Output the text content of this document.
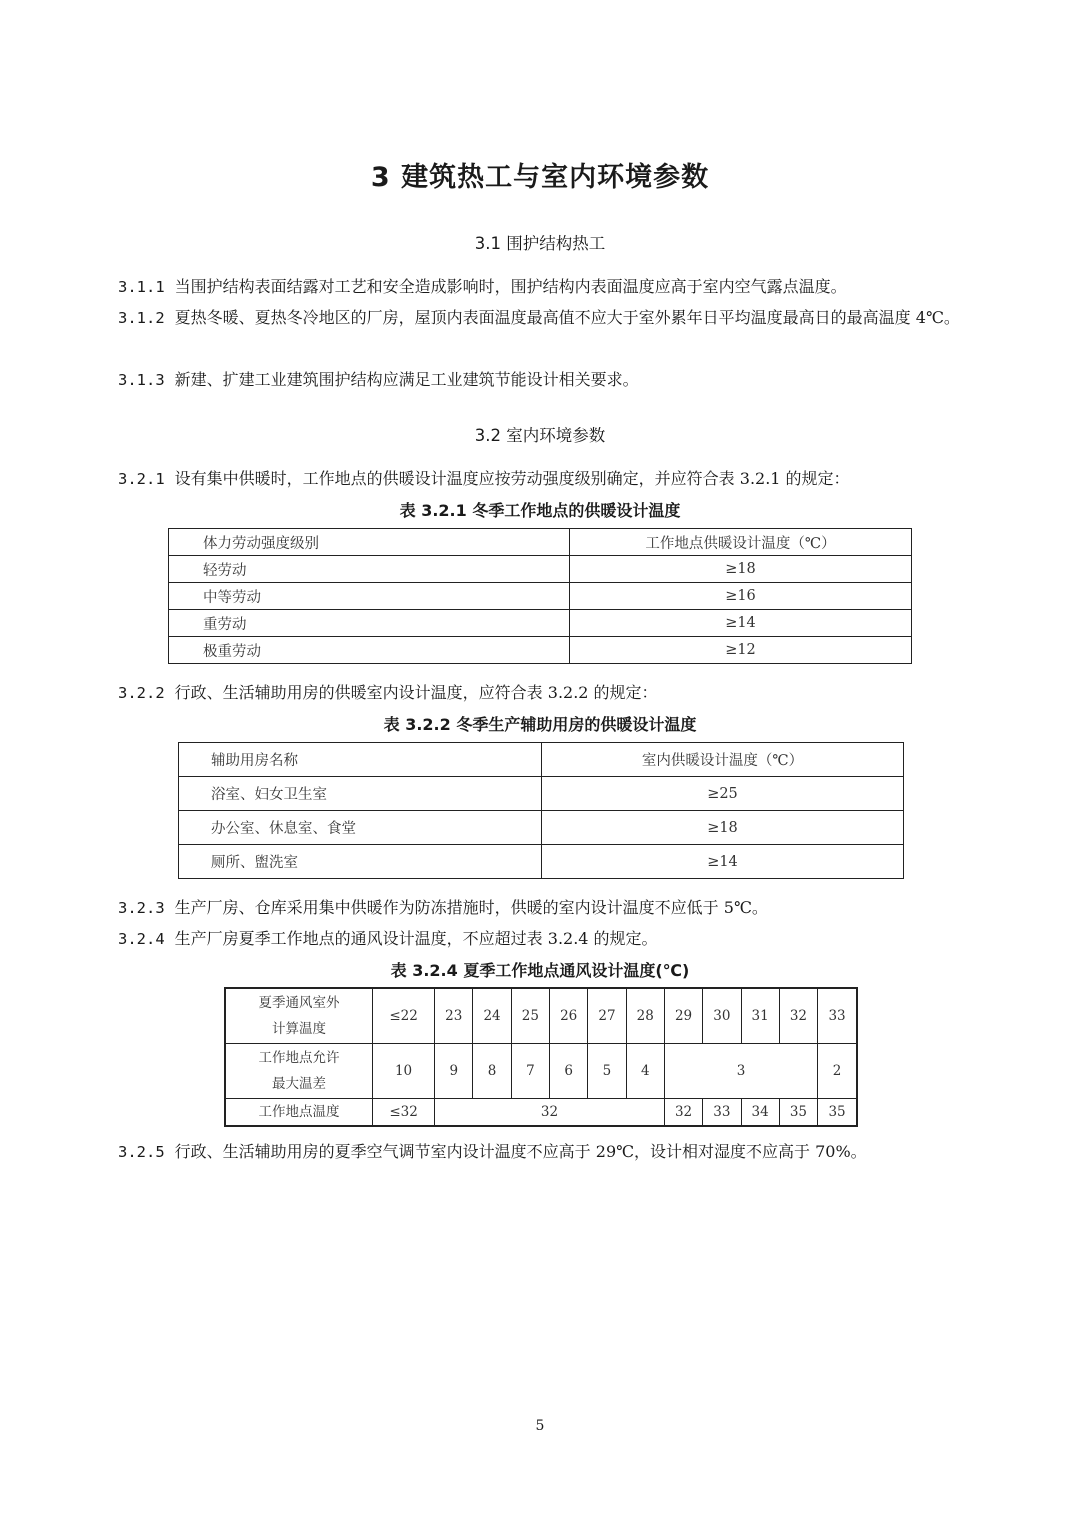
3 建筑热工与室内环境参数
3.1 围护结构热工
3.1.1 当围护结构表面结露对工艺和安全造成影响时，围护结构内表面温度应高于室内空气露点温度。
3.1.2 夏热冬暖、夏热冬冷地区的厂房，屋顶内表面温度最高值不应大于室外累年日平均温度最高日的最高温度 4℃。
3.1.3 新建、扩建工业建筑围护结构应满足工业建筑节能设计相关要求。
3.2 室内环境参数
3.2.1 设有集中供暖时，工作地点的供暖设计温度应按劳动强度级别确定，并应符合表 3.2.1 的规定：
表 3.2.1 冬季工作地点的供暖设计温度
体力劳动强度级别	工作地点供暖设计温度（℃）
轻劳动	≥18
中等劳动	≥16
重劳动	≥14
极重劳动	≥12
3.2.2 行政、生活辅助用房的供暖室内设计温度，应符合表 3.2.2 的规定：
表 3.2.2 冬季生产辅助用房的供暖设计温度
辅助用房名称	室内供暖设计温度（℃）
浴室、妇女卫生室	≥25
办公室、休息室、食堂	≥18
厕所、盥洗室	≥14
3.2.3 生产厂房、仓库采用集中供暖作为防冻措施时，供暖的室内设计温度不应低于 5℃。
3.2.4 生产厂房夏季工作地点的通风设计温度，不应超过表 3.2.4 的规定。
表 3.2.4 夏季工作地点通风设计温度(℃)
夏季通风室外
计算温度	≤22	23	24	25	26	27	28	29	30	31	32	33
工作地点允许
最大温差	10	9	8	7	6	5	4	3				2
工作地点温度	≤32	32						32	33	34	35	35
3.2.5 行政、生活辅助用房的夏季空气调节室内设计温度不应高于 29℃，设计相对湿度不应高于 70%。
5
